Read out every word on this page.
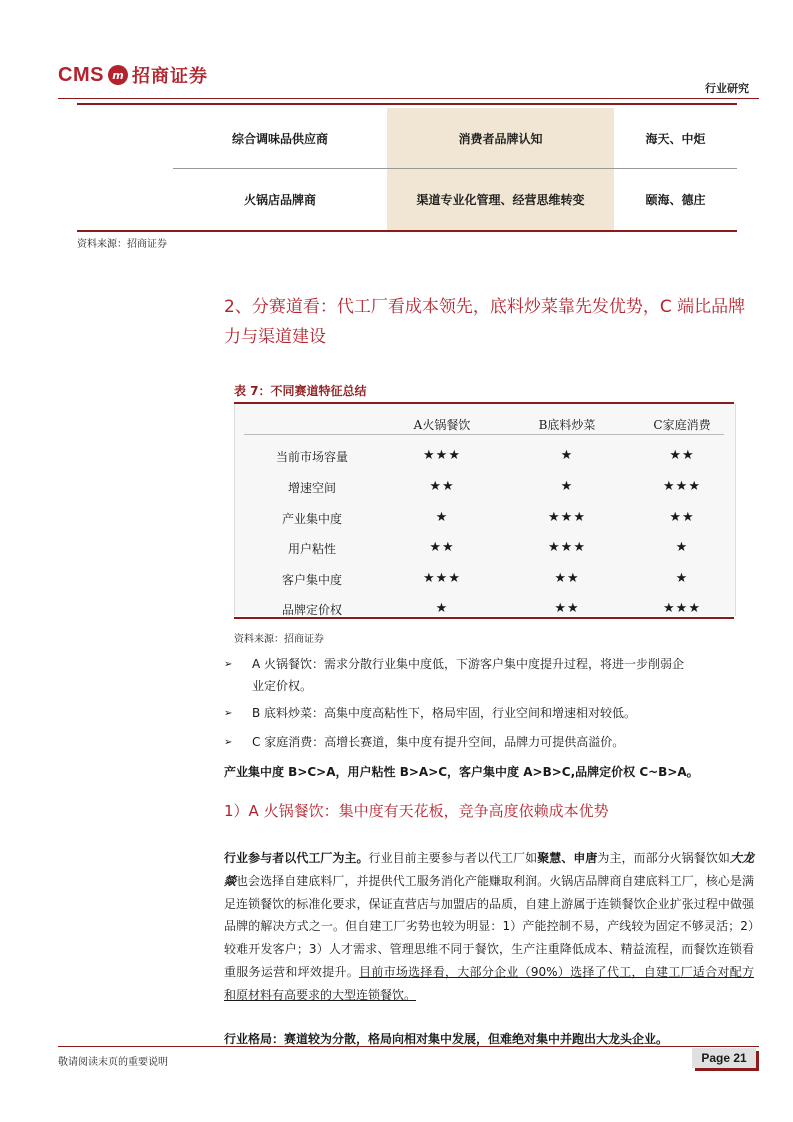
CMS m 招商证券
行业研究
综合调味品供应商	消费者品牌认知	海天、中炬
火锅店品牌商	渠道专业化管理、经营思维转变	颐海、德庄
资料来源：招商证券
2、分赛道看：代工厂看成本领先，底料炒菜靠先发优势，C 端比品牌力与渠道建设
表 7：不同赛道特征总结
A火锅餐饮	B底料炒菜	C家庭消费
当前市场容量	★★★	★	★★
增速空间	★★	★	★★★
产业集中度	★	★★★	★★
用户粘性	★★	★★★	★
客户集中度	★★★	★★	★
品牌定价权	★	★★	★★★
资料来源：招商证券
➢ A 火锅餐饮：需求分散行业集中度低，下游客户集中度提升过程，将进一步削弱企
业定价权。
➢ B 底料炒菜：高集中度高粘性下，格局牢固，行业空间和增速相对较低。
➢ C 家庭消费：高增长赛道，集中度有提升空间，品牌力可提供高溢价。
产业集中度 B>C>A，用户粘性 B>A>C，客户集中度 A>B>C,品牌定价权 C~B>A。
1）A 火锅餐饮：集中度有天花板，竞争高度依赖成本优势
行业参与者以代工厂为主。行业目前主要参与者以代工厂如聚慧、申唐为主，而部分火锅餐饮如大龙燚也会选择自建底料厂，并提供代工服务消化产能赚取利润。火锅店品牌商自建底料工厂，核心是满足连锁餐饮的标准化要求，保证直营店与加盟店的品质，自建上游属于连锁餐饮企业扩张过程中做强品牌的解决方式之一。但自建工厂劣势也较为明显：1）产能控制不易，产线较为固定不够灵活；2）较难开发客户；3）人才需求、管理思维不同于餐饮，生产注重降低成本、精益流程，而餐饮连锁看重服务运营和坪效提升。目前市场选择看，大部分企业（90%）选择了代工，自建工厂适合对配方和原材料有高要求的大型连锁餐饮。
行业格局：赛道较为分散，格局向相对集中发展，但难绝对集中并跑出大龙头企业。
敬请阅读末页的重要说明	Page 21
